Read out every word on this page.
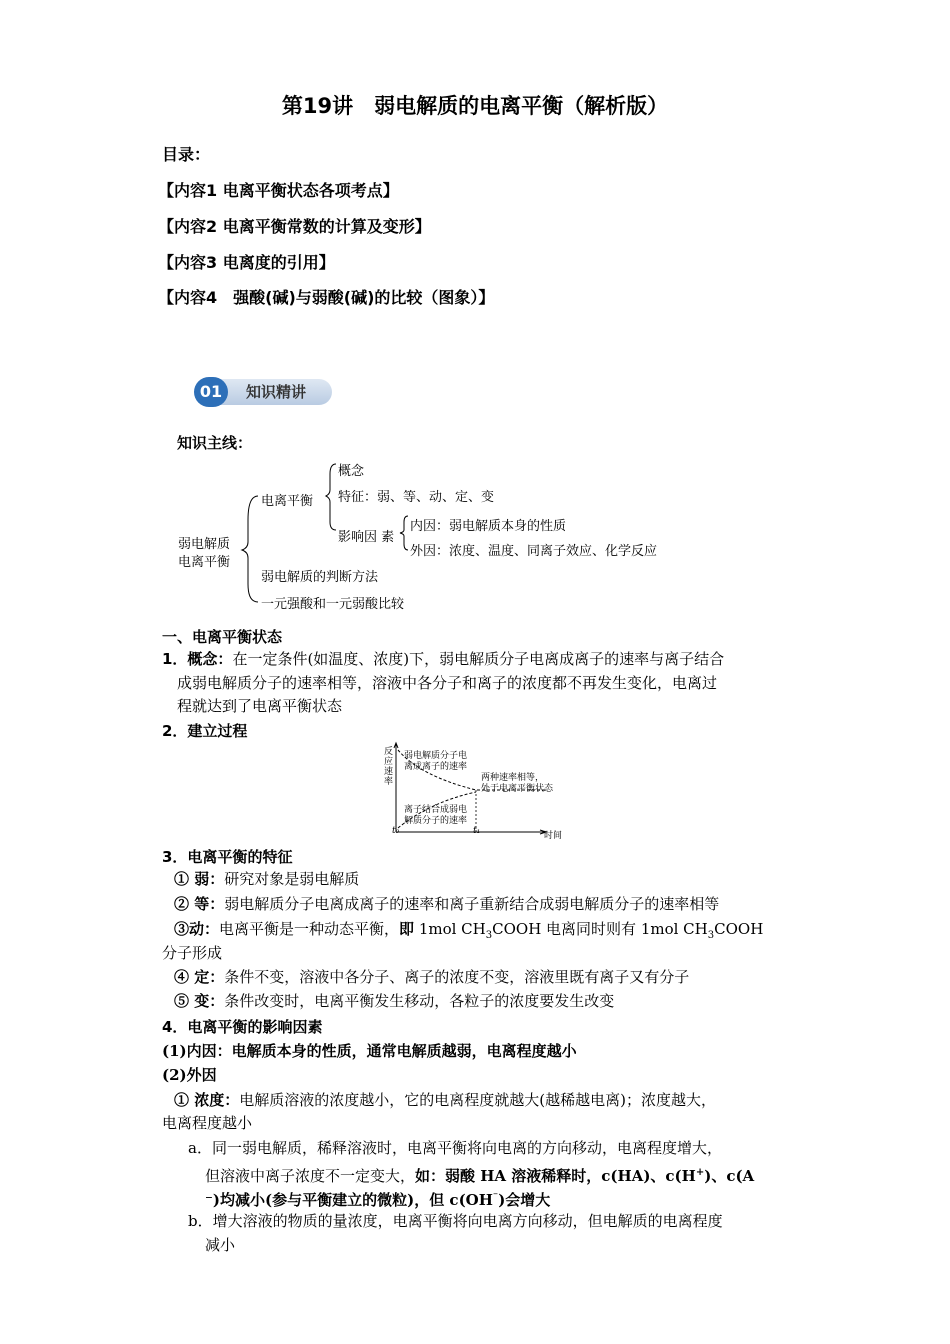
第19讲　弱电解质的电离平衡（解析版）
目录：
【内容1 电离平衡状态各项考点】
【内容2 电离平衡常数的计算及变形】
【内容3 电离度的引用】
【内容4　强酸(碱)与弱酸(碱)的比较（图象）】
知识精讲
01
知识主线：
弱电解质
电离平衡
电离平衡
概念
特征：弱、等、动、定、变
影响因 素
内因：弱电解质本身的性质
外因：浓度、温度、同离子效应、化学反应
弱电解质的判断方法
一元强酸和一元弱酸比较
一、电离平衡状态
1．概念：在一定条件(如温度、浓度)下，弱电解质分子电离成离子的速率与离子结合
成弱电解质分子的速率相等，溶液中各分子和离子的浓度都不再发生变化，电离过
程就达到了电离平衡状态
2．建立过程
反
应
速
率
弱电解质分子电
离成离子的速率
两种速率相等，
处于电离平衡状态
离子结合成弱电
解质分子的速率
t₀	t₁	时间
3．电离平衡的特征
① 弱：研究对象是弱电解质
② 等：弱电解质分子电离成离子的速率和离子重新结合成弱电解质分子的速率相等
③动：电离平衡是一种动态平衡，即 1mol $CH_3COOH$ 电离同时则有 1mol $CH_3COOH$
分子形成
④ 定：条件不变，溶液中各分子、离子的浓度不变，溶液里既有离子又有分子
⑤ 变：条件改变时，电离平衡发生移动，各粒子的浓度要发生改变
4．电离平衡的影响因素
(1)内因：电解质本身的性质，通常电解质越弱，电离程度越小
(2)外因
① 浓度：电解质溶液的浓度越小，它的电离程度就越大(越稀越电离)；浓度越大，
电离程度越小
a．同一弱电解质，稀释溶液时，电离平衡将向电离的方向移动，电离程度增大，
但溶液中离子浓度不一定变大，如：弱酸 HA 溶液稀释时，c(HA)、c(H+)、c(A
⁻)均减小(参与平衡建立的微粒)，但 c(OH⁻)会增大
b．增大溶液的物质的量浓度，电离平衡将向电离方向移动，但电解质的电离程度
减小
